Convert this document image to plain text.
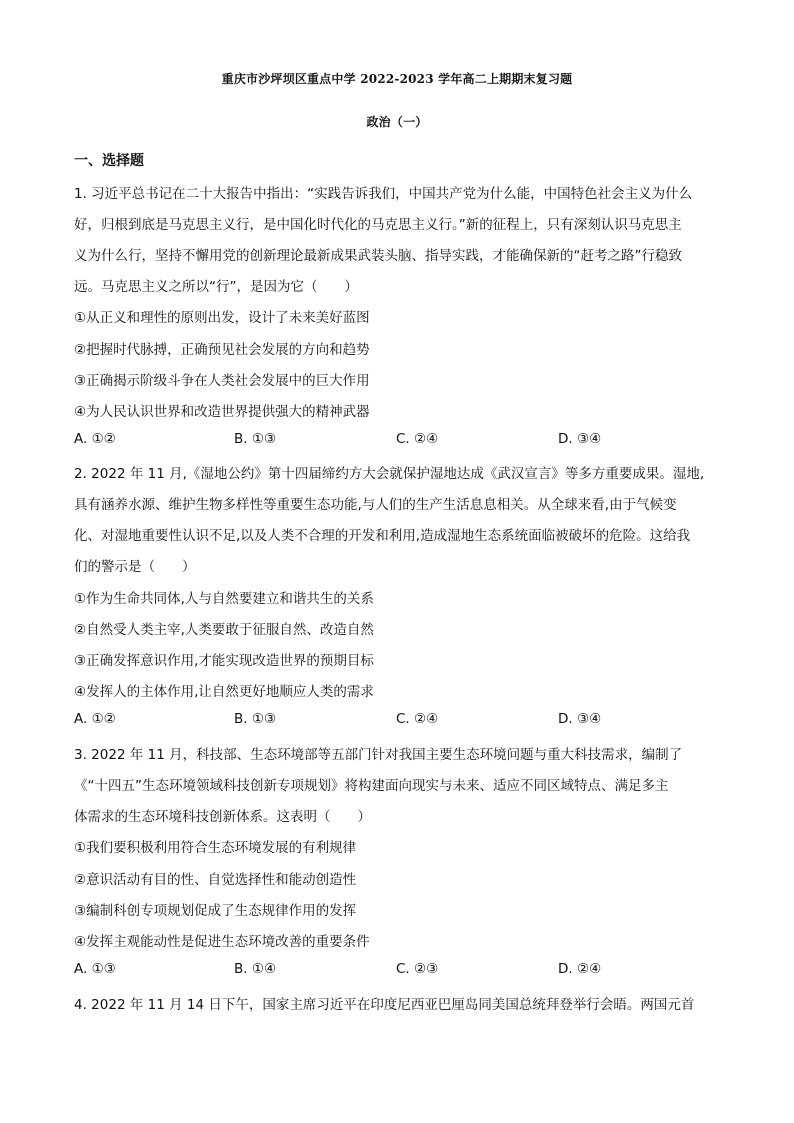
重庆市沙坪坝区重点中学 2022-2023 学年高二上期期末复习题
政治（一）

一、选择题

1. 习近平总书记在二十大报告中指出：“实践告诉我们，中国共产党为什么能，中国特色社会主义为什么

好，归根到底是马克思主义行，是中国化时代化的马克思主义行。”新的征程上，只有深刻认识马克思主

义为什么行，坚持不懈用党的创新理论最新成果武装头脑、指导实践，才能确保新的“赶考之路”行稳致

远。马克思主义之所以“行”，是因为它（　　）

①从正义和理性的原则出发，设计了未来美好蓝图

②把握时代脉搏，正确预见社会发展的方向和趋势

③正确揭示阶级斗争在人类社会发展中的巨大作用

④为人民认识世界和改造世界提供强大的精神武器

A. ①②	B. ①③	C. ②④	D. ③④

2. 2022 年 11 月,《湿地公约》第十四届缔约方大会就保护湿地达成《武汉宣言》等多方重要成果。湿地,

具有涵养水源、维护生物多样性等重要生态功能,与人们的生产生活息息相关。从全球来看,由于气候变

化、对湿地重要性认识不足,以及人类不合理的开发和利用,造成湿地生态系统面临被破坏的危险。这给我

们的警示是（　　）

①作为生命共同体,人与自然要建立和谐共生的关系

②自然受人类主宰,人类要敢于征服自然、改造自然

③正确发挥意识作用,才能实现改造世界的预期目标

④发挥人的主体作用,让自然更好地顺应人类的需求

A. ①②	B. ①③	C. ②④	D. ③④

3. 2022 年 11 月，科技部、生态环境部等五部门针对我国主要生态环境问题与重大科技需求，编制了

《“十四五”生态环境领域科技创新专项规划》将构建面向现实与未来、适应不同区域特点、满足多主

体需求的生态环境科技创新体系。这表明（　　）

①我们要积极利用符合生态环境发展的有利规律

②意识活动有目的性、自觉选择性和能动创造性

③编制科创专项规划促成了生态规律作用的发挥

④发挥主观能动性是促进生态环境改善的重要条件

A. ①③	B. ①④	C. ②③	D. ②④

4. 2022 年 11 月 14 日下午，国家主席习近平在印度尼西亚巴厘岛同美国总统拜登举行会晤。两国元首
